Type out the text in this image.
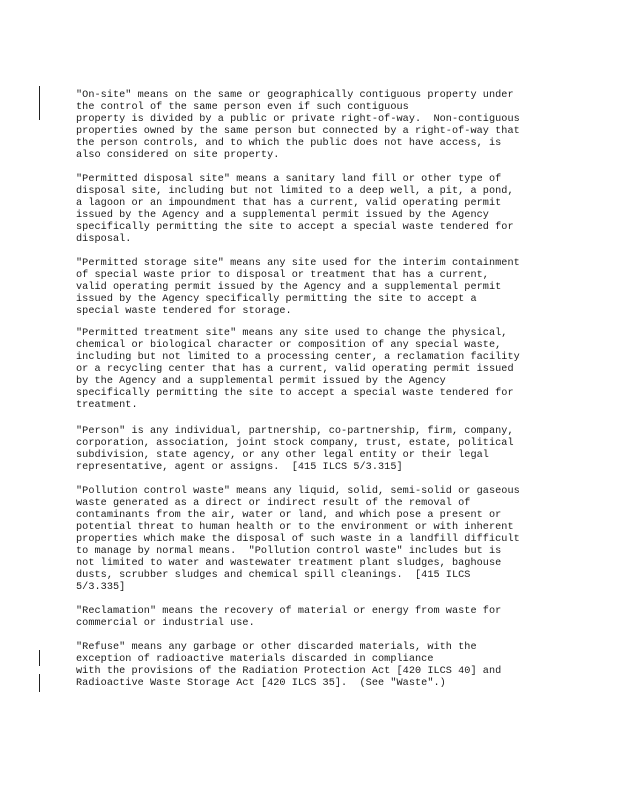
"On-site" means on the same or geographically contiguous property under
the control of the same person even if such contiguous
property is divided by a public or private right-of-way.  Non-contiguous
properties owned by the same person but connected by a right-of-way that
the person controls, and to which the public does not have access, is
also considered on site property.

"Permitted disposal site" means a sanitary land fill or other type of
disposal site, including but not limited to a deep well, a pit, a pond,
a lagoon or an impoundment that has a current, valid operating permit
issued by the Agency and a supplemental permit issued by the Agency
specifically permitting the site to accept a special waste tendered for
disposal.

"Permitted storage site" means any site used for the interim containment
of special waste prior to disposal or treatment that has a current,
valid operating permit issued by the Agency and a supplemental permit
issued by the Agency specifically permitting the site to accept a
special waste tendered for storage.

"Permitted treatment site" means any site used to change the physical,
chemical or biological character or composition of any special waste,
including but not limited to a processing center, a reclamation facility
or a recycling center that has a current, valid operating permit issued
by the Agency and a supplemental permit issued by the Agency
specifically permitting the site to accept a special waste tendered for
treatment.

"Person" is any individual, partnership, co-partnership, firm, company,
corporation, association, joint stock company, trust, estate, political
subdivision, state agency, or any other legal entity or their legal
representative, agent or assigns.  [415 ILCS 5/3.315]

"Pollution control waste" means any liquid, solid, semi-solid or gaseous
waste generated as a direct or indirect result of the removal of
contaminants from the air, water or land, and which pose a present or
potential threat to human health or to the environment or with inherent
properties which make the disposal of such waste in a landfill difficult
to manage by normal means.  "Pollution control waste" includes but is
not limited to water and wastewater treatment plant sludges, baghouse
dusts, scrubber sludges and chemical spill cleanings.  [415 ILCS
5/3.335]

"Reclamation" means the recovery of material or energy from waste for
commercial or industrial use.

"Refuse" means any garbage or other discarded materials, with the
exception of radioactive materials discarded in compliance
with the provisions of the Radiation Protection Act [420 ILCS 40] and
Radioactive Waste Storage Act [420 ILCS 35].  (See "Waste".)
